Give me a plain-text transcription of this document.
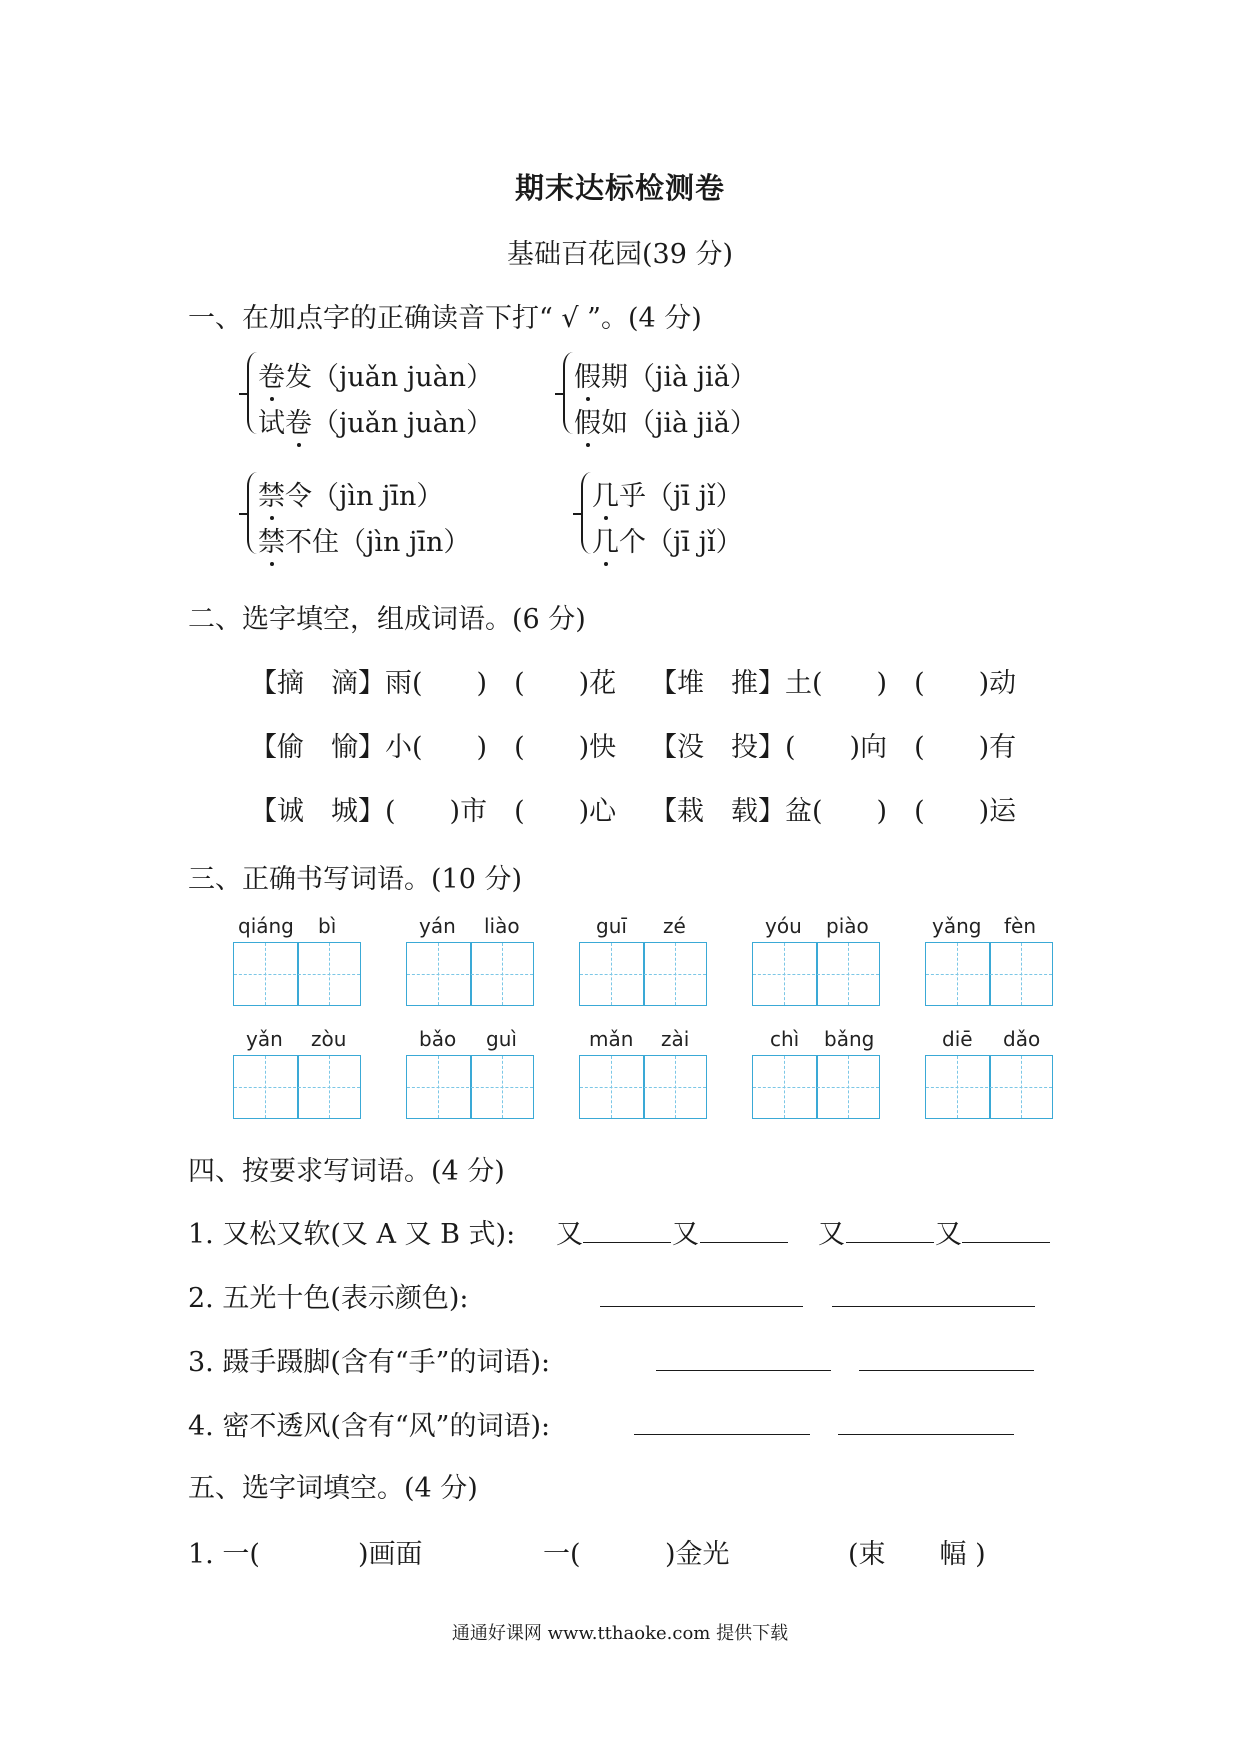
期末达标检测卷
基础百花园(39 分)
一、在加点字的正确读音下打“ √ ”。(4 分)
卷发（juǎn juàn）
试卷（juǎn juàn）
假期（jià jiǎ）
假如（jià jiǎ）
禁令（jìn jīn）
禁不住（jìn jīn）
几乎（jī jǐ）
几个（jī jǐ）
二、选字填空，组成词语。(6 分)
【摘　滴】雨(　　)　(　　)花 【堆　推】土(　　)　(　　)动
【偷　愉】小(　　)　(　　)快 【没　投】(　　)向　(　　)有
【诚　城】(　　)市　(　　)心 【栽　载】盆(　　)　(　　)运
三、正确书写词语。(10 分)
qiáng bì	yán liào	guī zé	yóu piào	yǎng fèn
yǎn zòu	bǎo guì	mǎn zài	chì bǎng	diē dǎo
四、按要求写词语。(4 分)
1. 又松又软(又 A 又 B 式): 又	又	又	又
2. 五光十色(表示颜色):
3. 蹑手蹑脚(含有“手”的词语):
4. 密不透风(含有“风”的词语):
五、选字词填空。(4 分)
1. 一(	)画面	一(	)金光	(束　　幅 )
通通好课网 www.tthaoke.com 提供下载
